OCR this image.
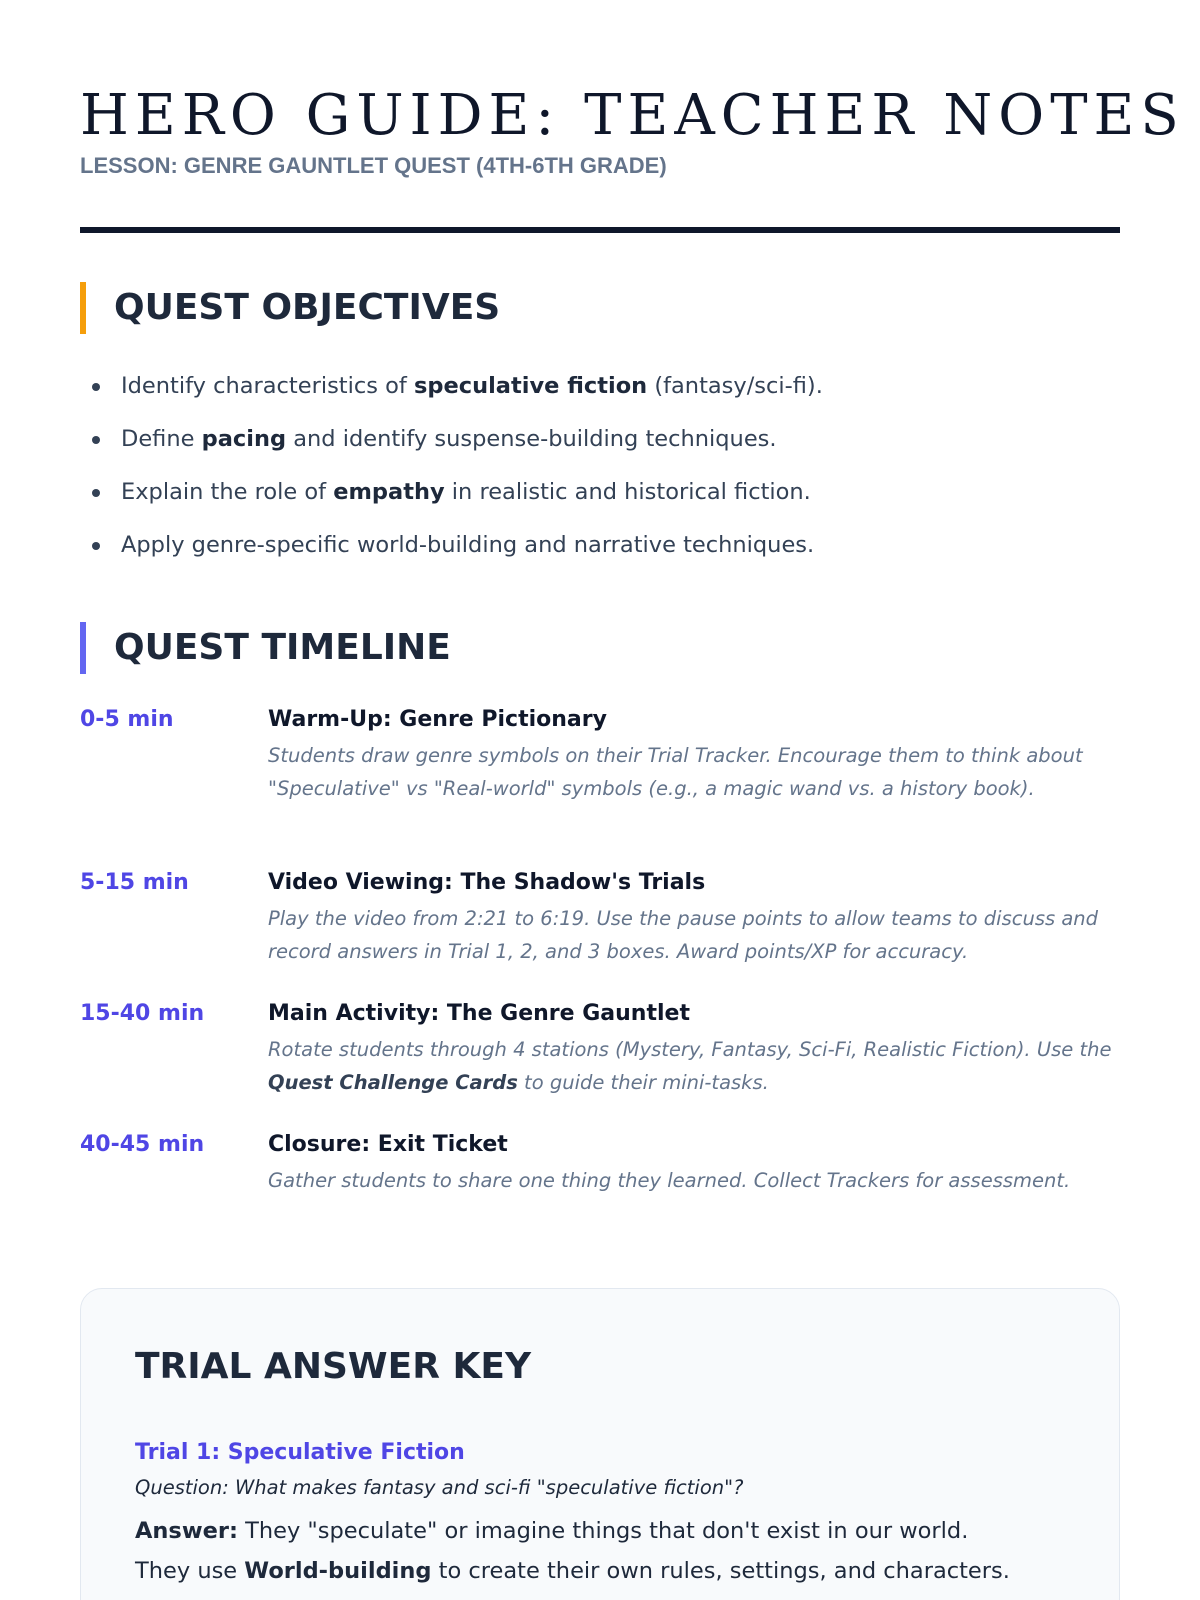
HERO GUIDE: TEACHER NOTES
LESSON: GENRE GAUNTLET QUEST (4TH-6TH GRADE)
QUEST OBJECTIVES
Identify characteristics of speculative fiction (fantasy/sci-fi).
Define pacing and identify suspense-building techniques.
Explain the role of empathy in realistic and historical fiction.
Apply genre-specific world-building and narrative techniques.
QUEST TIMELINE
0-5 min	Warm-Up: Genre Pictionary
Students draw genre symbols on their Trial Tracker. Encourage them to think about "Speculative" vs "Real-world" symbols (e.g., a magic wand vs. a history book).
5-15 min	Video Viewing: The Shadow's Trials
Play the video from 2:21 to 6:19. Use the pause points to allow teams to discuss and record answers in Trial 1, 2, and 3 boxes. Award points/XP for accuracy.
15-40 min	Main Activity: The Genre Gauntlet
Rotate students through 4 stations (Mystery, Fantasy, Sci-Fi, Realistic Fiction). Use the Quest Challenge Cards to guide their mini-tasks.
40-45 min	Closure: Exit Ticket
Gather students to share one thing they learned. Collect Trackers for assessment.
TRIAL ANSWER KEY
Trial 1: Speculative Fiction
Question: What makes fantasy and sci-fi "speculative fiction"?
Answer: They "speculate" or imagine things that don't exist in our world.
They use World-building to create their own rules, settings, and characters.
